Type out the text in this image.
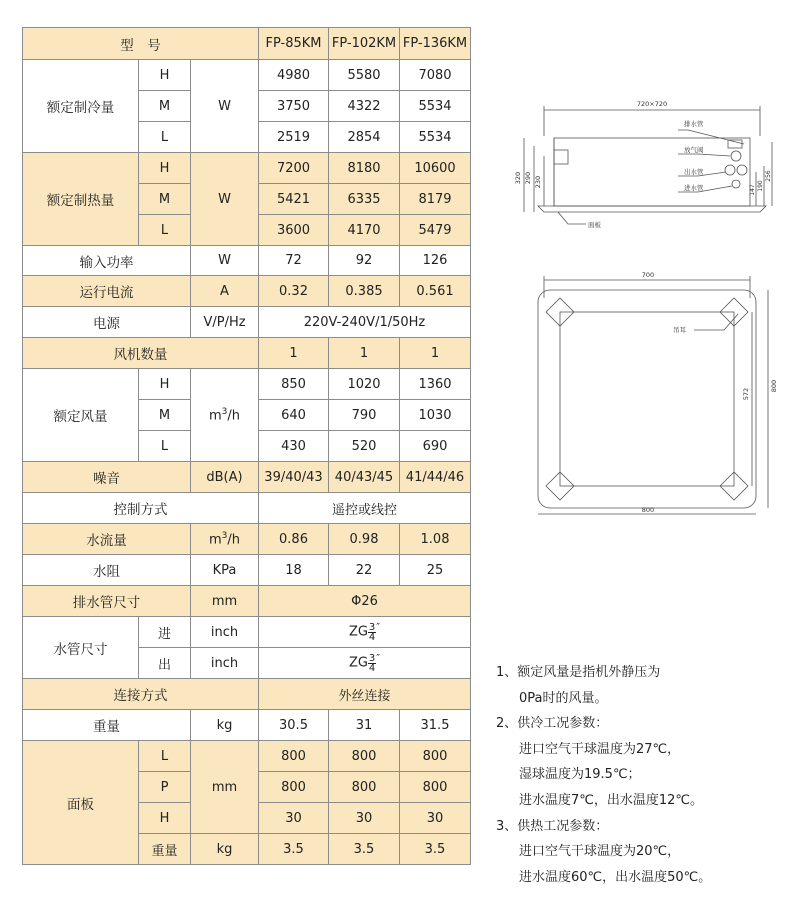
型　号			FP-85KM	FP-102KM	FP-136KM
额定制冷量	H	W	4980	5580	7080
	M		3750	4322	5534
	L		2519	2854	5534
额定制热量	H	W	7200	8180	10600
	M		5421	6335	8179
	L		3600	4170	5479
输入功率		W	72	92	126
运行电流		A	0.32	0.385	0.561
电源		V/P/Hz	220V-240V/1/50Hz		
风机数量			1	1	1
额定风量	H	$m^3/h$	850	1020	1360
	M		640	790	1030
	L		430	520	690
噪音		dB(A)	39/40/43	40/43/45	41/44/46
控制方式			遥控或线控		
水流量		$m^3/h$	0.86	0.98	1.08
水阻		KPa	18	22	25
排水管尺寸		mm	Φ26		
水管尺寸	进	inch	ZG $\frac{3}{4} ''$
	出	inch	ZG $\frac{3}{4} ''$
连接方式			外丝连接		
重量		kg	30.5	31	31.5
面板	L	mm	800	800	800
	P		800	800	800
	H		30	30	30
	重量	kg	3.5	3.5	3.5
720×720
320 290 230
147 190
256
排水管
放气阀
出水管
进水管
面板
700
800
800
572
吊耳
1、额定风量是指机外静压为
0Pa时的风量。
2、供冷工况参数：
进口空气干球温度为27℃，
湿球温度为19.5℃；
进水温度7℃，出水温度12℃。
3、供热工况参数：
进口空气干球温度为20℃，
进水温度60℃，出水温度50℃。
